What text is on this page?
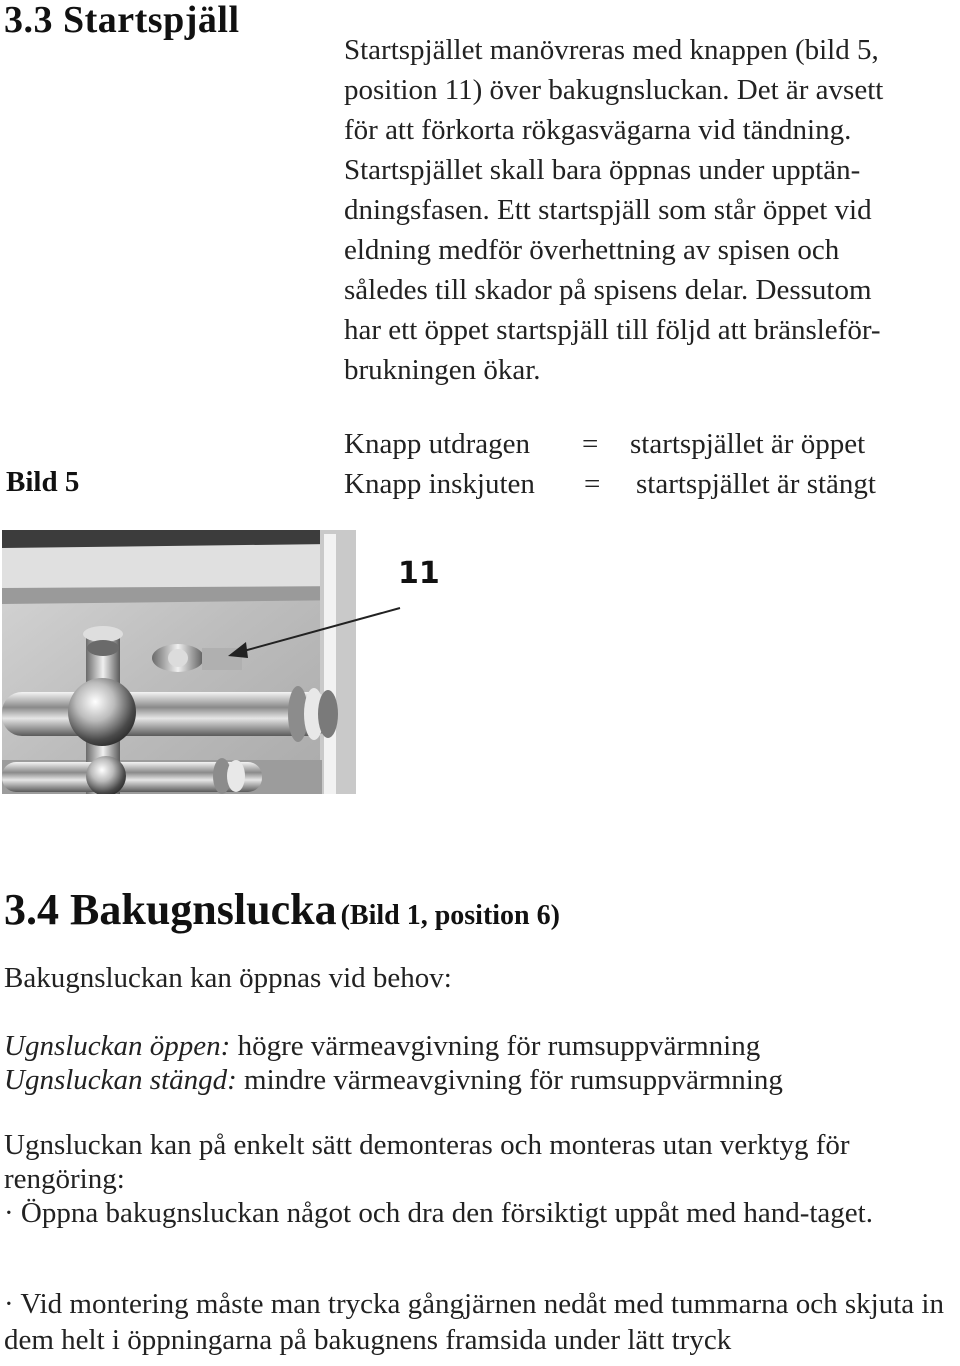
3.3 Startspjäll
Startspjället manövreras med knappen (bild 5,
position 11) över bakugnsluckan. Det är avsett
för att förkorta rökgasvägarna vid tändning.
Startspjället skall bara öppnas under upptän-
dningsfasen. Ett startspjäll som står öppet vid
eldning medför överhettning av spisen och
således till skador på spisens delar. Dessutom
har ett öppet startspjäll till följd att bränsleför-
brukningen ökar.
Knapp utdragen = startspjället är öppet
Knapp inskjuten = startspjället är stängt
Bild 5
11
3.4 Bakugnslucka (Bild 1, position 6)
Bakugnsluckan kan öppnas vid behov:
Ugnsluckan öppen: högre värmeavgivning för rumsuppvärmning
Ugnsluckan stängd: mindre värmeavgivning för rumsuppvärmning
Ugnsluckan kan på enkelt sätt demonteras och monteras utan verktyg för rengöring:
· Öppna bakugnsluckan något och dra den försiktigt uppåt med hand-taget.
· Vid montering måste man trycka gångjärnen nedåt med tummarna och skjuta in dem helt i öppningarna på bakugnens framsida under lätt tryck
